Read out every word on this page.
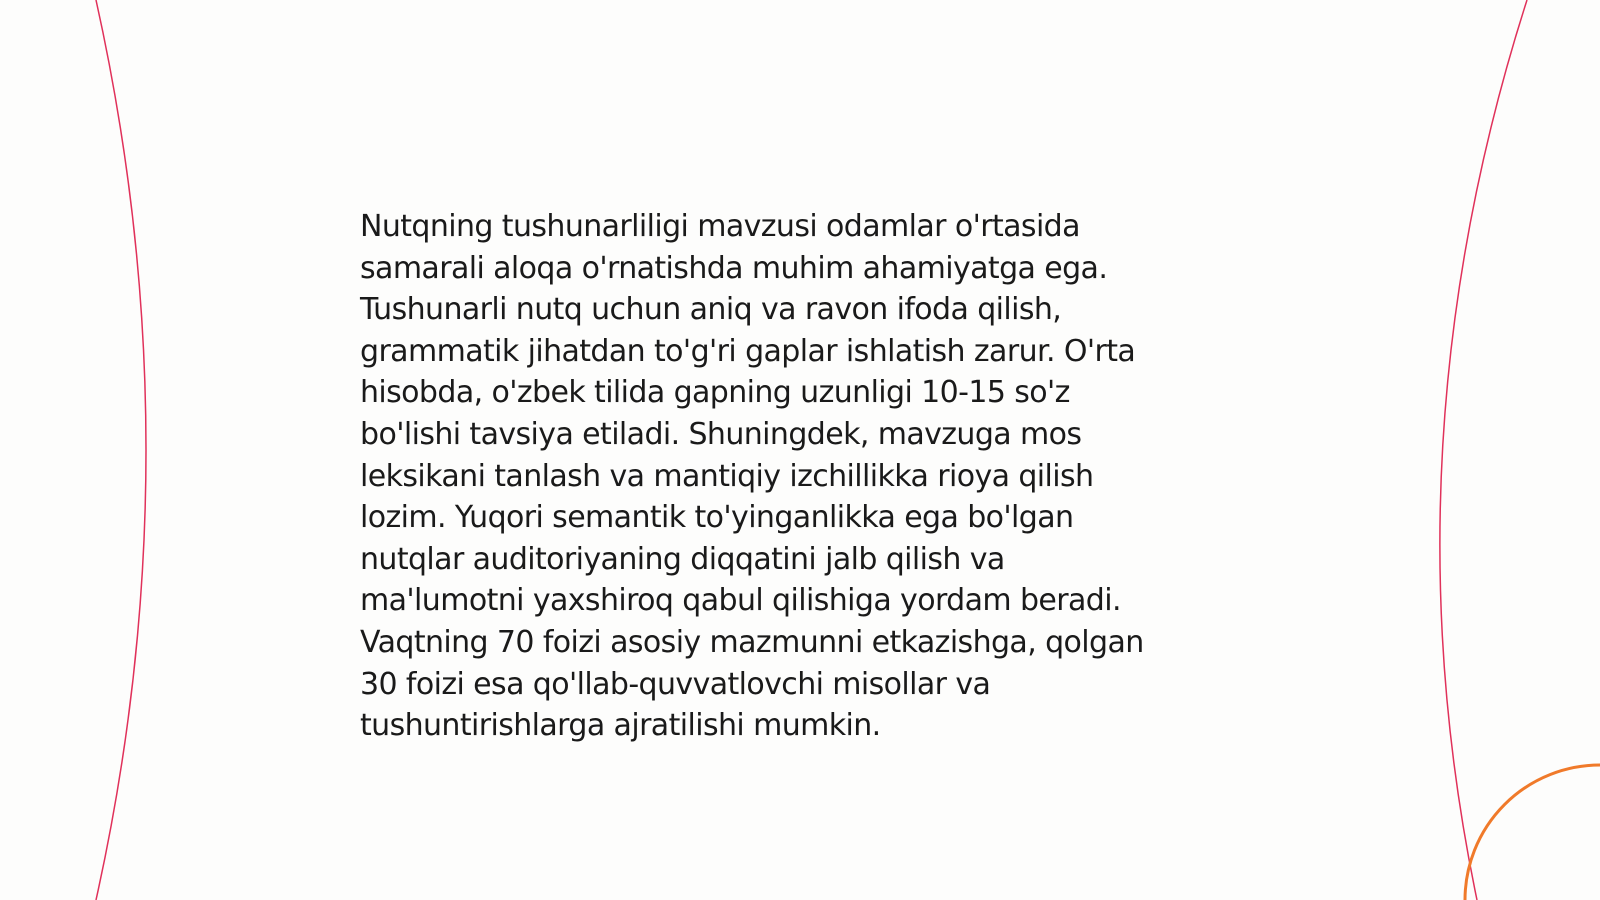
Nutqning tushunarliligi mavzusi odamlar o'rtasida
samarali aloqa o'rnatishda muhim ahamiyatga ega.
Tushunarli nutq uchun aniq va ravon ifoda qilish,
grammatik jihatdan to'g'ri gaplar ishlatish zarur. O'rta
hisobda, o'zbek tilida gapning uzunligi 10-15 so'z
bo'lishi tavsiya etiladi. Shuningdek, mavzuga mos
leksikani tanlash va mantiqiy izchillikka rioya qilish
lozim. Yuqori semantik to'yinganlikka ega bo'lgan
nutqlar auditoriyaning diqqatini jalb qilish va
ma'lumotni yaxshiroq qabul qilishiga yordam beradi.
Vaqtning 70 foizi asosiy mazmunni etkazishga, qolgan
30 foizi esa qo'llab-quvvatlovchi misollar va
tushuntirishlarga ajratilishi mumkin.
